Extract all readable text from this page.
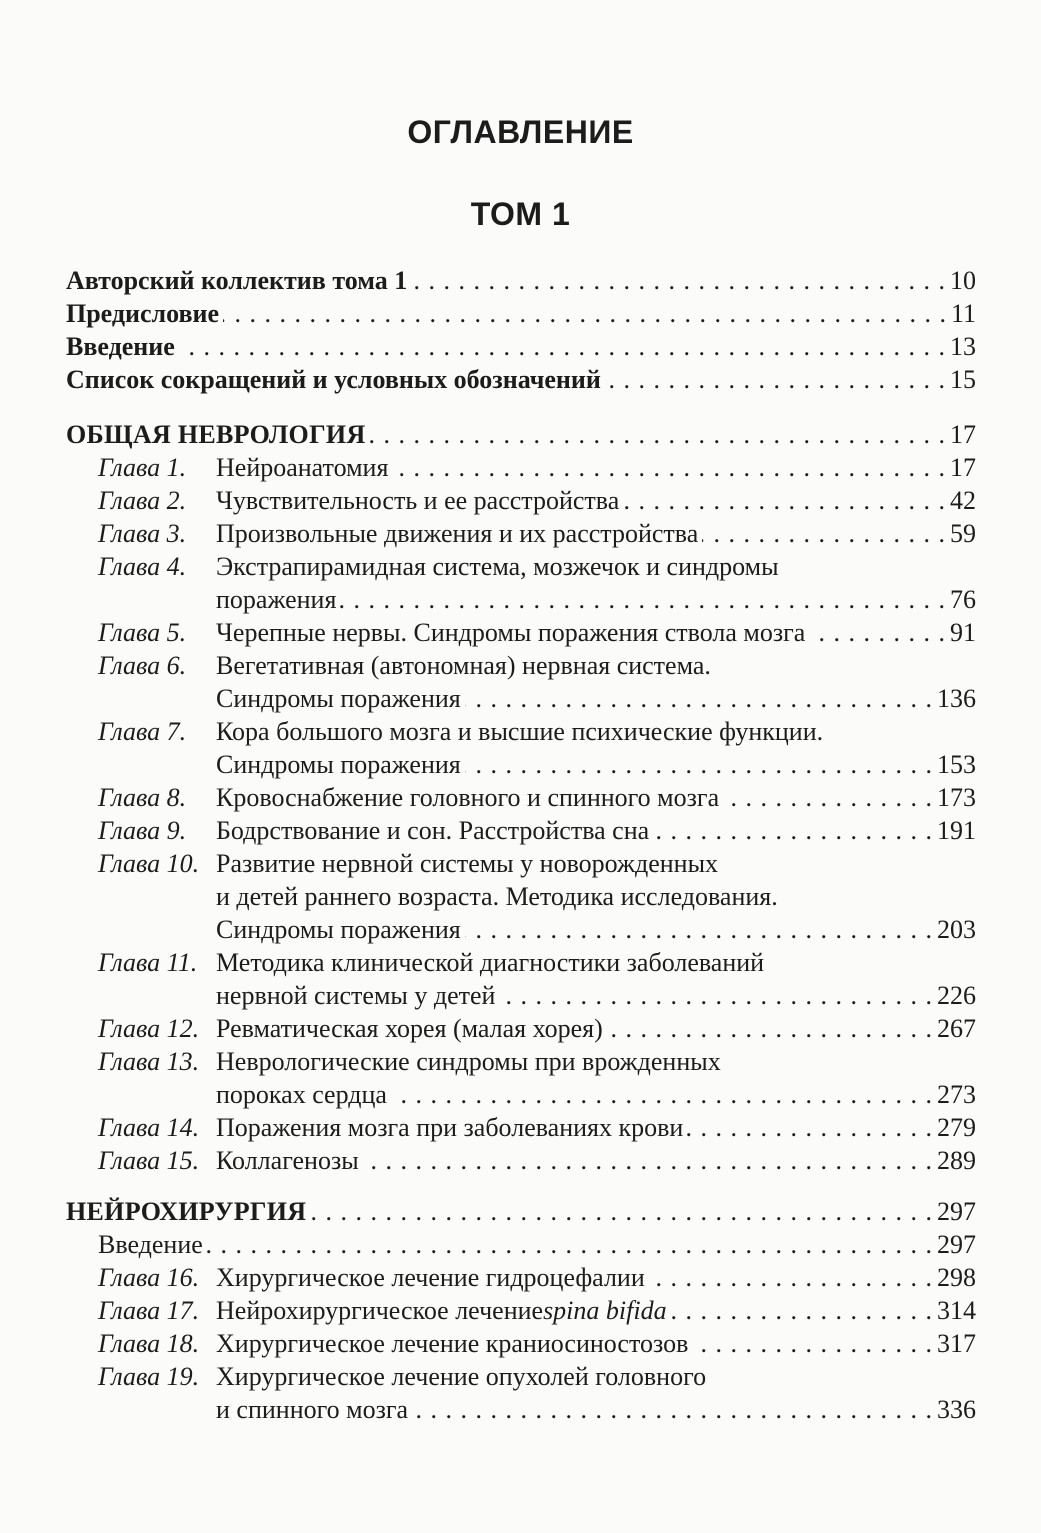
ОГЛАВЛЕНИЕ
ТОМ 1
Авторский коллектив тома 1 . . .	10
Предисловие . . .	11
Введение . . .	13
Список сокращений и условных обозначений . . .	15
ОБЩАЯ НЕВРОЛОГИЯ . . .	17
Глава 1.	Нейроанатомия . . .	17
Глава 2.	Чувствительность и ее расстройства . . .	42
Глава 3.	Произвольные движения и их расстройства . . .	59
Глава 4.	Экстрапирамидная система, мозжечок и синдромы
поражения . . .	76
Глава 5.	Черепные нервы. Синдромы поражения ствола мозга . . .	91
Глава 6.	Вегетативная (автономная) нервная система.
Синдромы поражения . . .	136
Глава 7.	Кора большого мозга и высшие психические функции.
Синдромы поражения . . .	153
Глава 8.	Кровоснабжение головного и спинного мозга . . .	173
Глава 9.	Бодрствование и сон. Расстройства сна . . .	191
Глава 10. Развитие нервной системы у новорожденных
и детей раннего возраста. Методика исследования.
Синдромы поражения . . .	203
Глава 11. Методика клинической диагностики заболеваний
нервной системы у детей . . .	226
Глава 12. Ревматическая хорея (малая хорея) . . .	267
Глава 13. Неврологические синдромы при врожденных
пороках сердца . . .	273
Глава 14. Поражения мозга при заболеваниях крови . . .	279
Глава 15. Коллагенозы . . .	289
НЕЙРОХИРУРГИЯ . . .	297
Введение . . .	297
Глава 16. Хирургическое лечение гидроцефалии . . .	298
Глава 17. Нейрохирургическое лечение spina bifida . . .	314
Глава 18. Хирургическое лечение краниосиностозов . . .	317
Глава 19. Хирургическое лечение опухолей головного
и спинного мозга . . .	336
